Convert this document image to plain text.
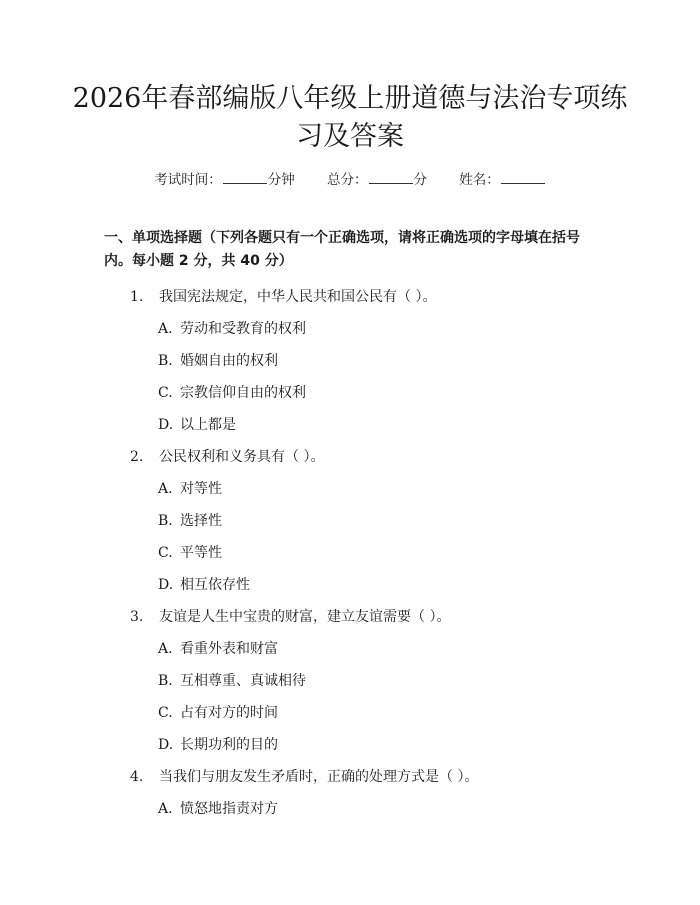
2026年春部编版八年级上册道德与法治专项练习及答案
考试时间：	分钟 总分：	分 姓名：

一、单项选择题（下列各题只有一个正确选项，请将正确选项的字母填在括号内。每小题 2 分，共 40 分）

1. 我国宪法规定，中华人民共和国公民有（ ）。
A. 劳动和受教育的权利
B. 婚姻自由的权利
C. 宗教信仰自由的权利
D. 以上都是
2. 公民权利和义务具有（ ）。
A. 对等性
B. 选择性
C. 平等性
D. 相互依存性
3. 友谊是人生中宝贵的财富，建立友谊需要（ ）。
A. 看重外表和财富
B. 互相尊重、真诚相待
C. 占有对方的时间
D. 长期功利的目的
4. 当我们与朋友发生矛盾时，正确的处理方式是（ ）。
A. 愤怒地指责对方
